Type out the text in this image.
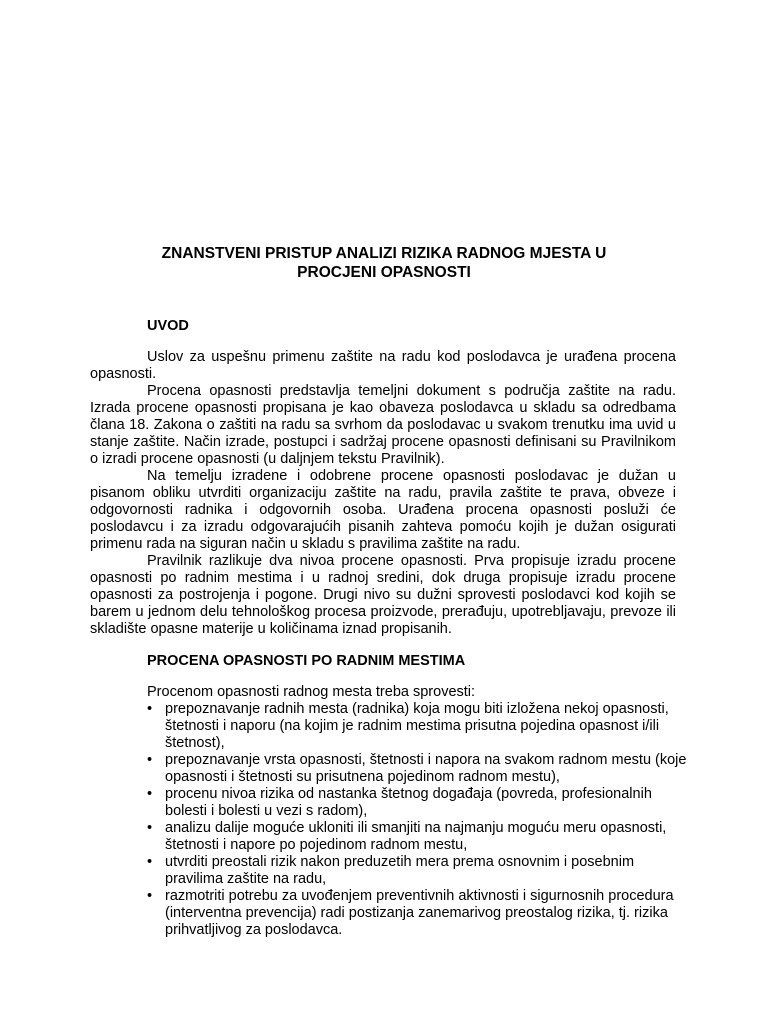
ZNANSTVENI PRISTUP ANALIZI RIZIKA RADNOG MJESTA U
PROCJENI OPASNOSTI
UVOD

Uslov za uspešnu primenu zaštite na radu kod poslodavca je urađena procena opasnosti.

Procena opasnosti predstavlja temeljni dokument s područja zaštite na radu. Izrada procene opasnosti propisana je kao obaveza poslodavca u skladu sa odredbama člana 18. Zakona o zaštiti na radu sa svrhom da poslodavac u svakom trenutku ima uvid u stanje zaštite. Način izrade, postupci i sadržaj procene opasnosti definisani su Pravilnikom o izradi procene opasnosti (u daljnjem tekstu Pravilnik).

Na temelju izradene i odobrene procene opasnosti poslodavac je dužan u pisanom obliku utvrditi organizaciju zaštite na radu, pravila zaštite te prava, obveze i odgovornosti radnika i odgovornih osoba. Urađena procena opasnosti posluži će poslodavcu i za izradu odgovarajućih pisanih zahteva pomoću kojih je dužan osigurati primenu rada na siguran način u skladu s pravilima zaštite na radu.

Pravilnik razlikuje dva nivoa procene opasnosti. Prva propisuje izradu procene opasnosti po radnim mestima i u radnoj sredini, dok druga propisuje izradu procene opasnosti za postrojenja i pogone. Drugi nivo su dužni sprovesti poslodavci kod kojih se barem u jednom delu tehnološkog procesa proizvode, prerađuju, upotrebljavaju, prevoze ili skladište opasne materije u količinama iznad propisanih.

PROCENA OPASNOSTI PO RADNIM MESTIMA

Procenom opasnosti radnog mesta treba sprovesti:

• prepoznavanje radnih mesta (radnika) koja mogu biti izložena nekoj opasnosti, štetnosti i naporu (na kojim je radnim mestima prisutna pojedina opasnost i/ili štetnost),
• prepoznavanje vrsta opasnosti, štetnosti i napora na svakom radnom mestu (koje opasnosti i štetnosti su prisutnena pojedinom radnom mestu),
• procenu nivoa rizika od nastanka štetnog događaja (povreda, profesionalnih bolesti i bolesti u vezi s radom),
• analizu dalije moguće ukloniti ili smanjiti na najmanju moguću meru opasnosti, štetnosti i napore po pojedinom radnom mestu,
• utvrditi preostali rizik nakon preduzetih mera prema osnovnim i posebnim pravilima zaštite na radu,
• razmotriti potrebu za uvođenjem preventivnih aktivnosti i sigurnosnih procedura (interventna prevencija) radi postizanja zanemarivog preostalog rizika, tj. rizika prihvatljivog za poslodavca.
